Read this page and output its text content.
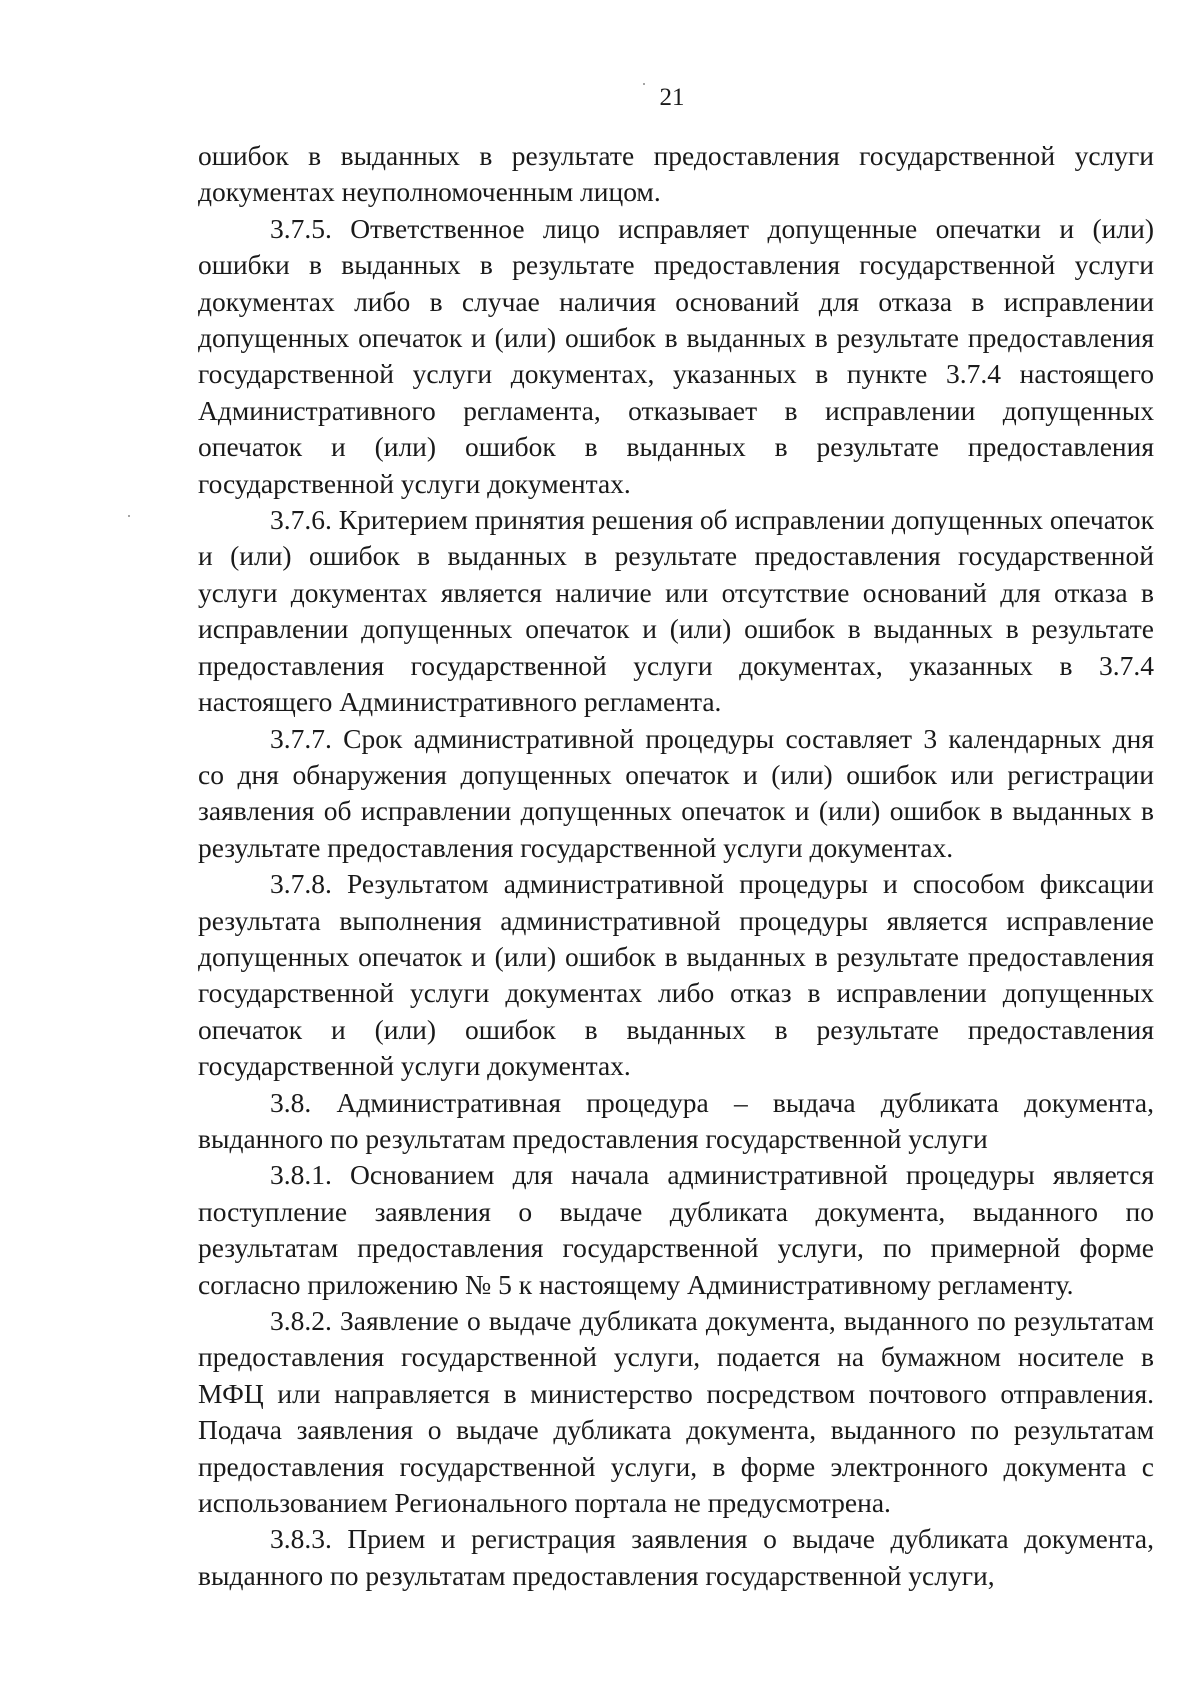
21

ошибок в выданных в результате предоставления государственной услуги документах неуполномоченным лицом.

3.7.5. Ответственное лицо исправляет допущенные опечатки и (или) ошибки в выданных в результате предоставления государственной услуги документах либо в случае наличия оснований для отказа в исправлении допущенных опечаток и (или) ошибок в выданных в результате предоставления государственной услуги документах, указанных в пункте 3.7.4 настоящего Административного регламента, отказывает в исправлении допущенных опечаток и (или) ошибок в выданных в результате предоставления государственной услуги документах.

3.7.6. Критерием принятия решения об исправлении допущенных опечаток и (или) ошибок в выданных в результате предоставления государственной услуги документах является наличие или отсутствие оснований для отказа в исправлении допущенных опечаток и (или) ошибок в выданных в результате предоставления государственной услуги документах, указанных в 3.7.4 настоящего Административного регламента.

3.7.7. Срок административной процедуры составляет 3 календарных дня со дня обнаружения допущенных опечаток и (или) ошибок или регистрации заявления об исправлении допущенных опечаток и (или) ошибок в выданных в результате предоставления государственной услуги документах.

3.7.8. Результатом административной процедуры и способом фиксации результата выполнения административной процедуры является исправление допущенных опечаток и (или) ошибок в выданных в результате предоставления государственной услуги документах либо отказ в исправлении допущенных опечаток и (или) ошибок в выданных в результате предоставления государственной услуги документах.

3.8. Административная процедура – выдача дубликата документа, выданного по результатам предоставления государственной услуги

3.8.1. Основанием для начала административной процедуры является поступление заявления о выдаче дубликата документа, выданного по результатам предоставления государственной услуги, по примерной форме согласно приложению № 5 к настоящему Административному регламенту.

3.8.2. Заявление о выдаче дубликата документа, выданного по результатам предоставления государственной услуги, подается на бумажном носителе в МФЦ или направляется в министерство посредством почтового отправления. Подача заявления о выдаче дубликата документа, выданного по результатам предоставления государственной услуги, в форме электронного документа с использованием Регионального портала не предусмотрена.

3.8.3. Прием и регистрация заявления о выдаче дубликата документа, выданного по результатам предоставления государственной услуги,
